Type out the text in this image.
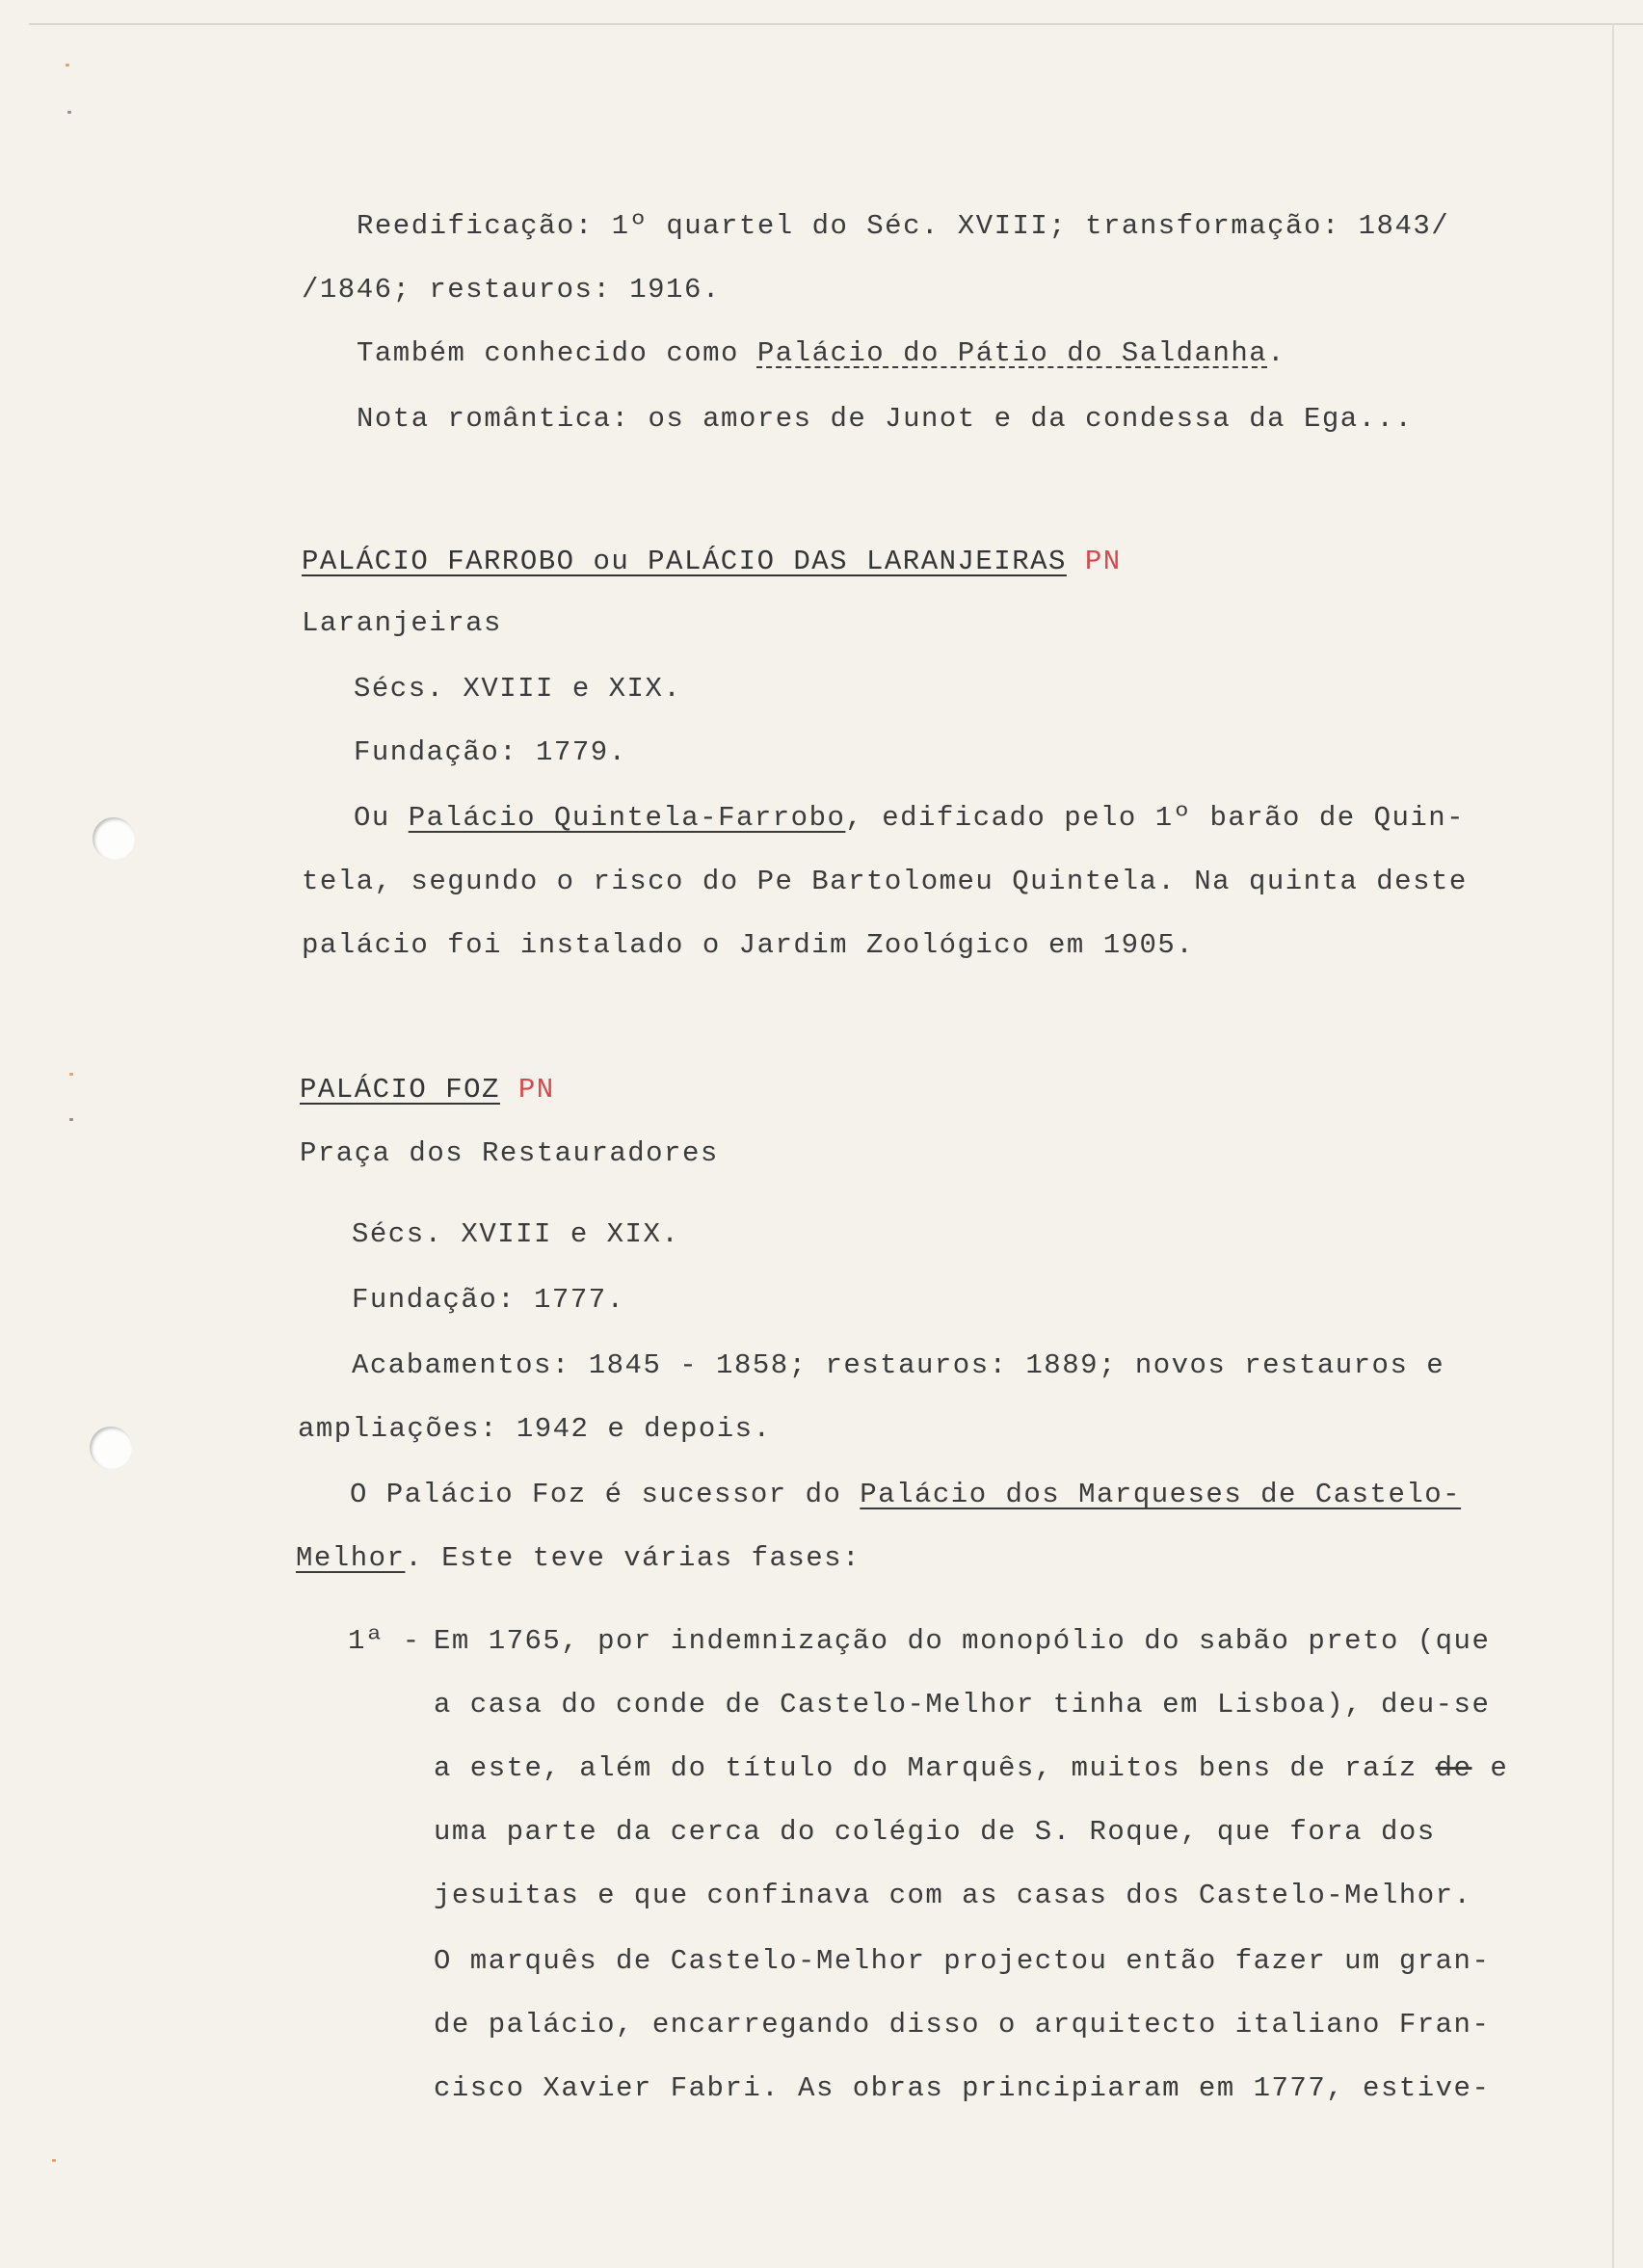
Reedificação: 1º quartel do Séc. XVIII; transformação: 1843/
/1846; restauros: 1916.
Também conhecido como Palácio do Pátio do Saldanha.
Nota romântica: os amores de Junot e da condessa da Ega...
PALÁCIO FARROBO ou PALÁCIO DAS LARANJEIRAS PN
Laranjeiras
Sécs. XVIII e XIX.
Fundação: 1779.
Ou Palácio Quintela-Farrobo, edificado pelo 1º barão de Quin-
tela, segundo o risco do Pe Bartolomeu Quintela. Na quinta deste
palácio foi instalado o Jardim Zoológico em 1905.
PALÁCIO FOZ PN
Praça dos Restauradores
Sécs. XVIII e XIX.
Fundação: 1777.
Acabamentos: 1845 - 1858; restauros: 1889; novos restauros e
ampliações: 1942 e depois.
O Palácio Foz é sucessor do Palácio dos Marqueses de Castelo-
Melhor. Este teve várias fases:
1ª - Em 1765, por indemnização do monopólio do sabão preto (que
a casa do conde de Castelo-Melhor tinha em Lisboa), deu-se
a este, além do título do Marquês, muitos bens de raíz de e
uma parte da cerca do colégio de S. Roque, que fora dos
jesuitas e que confinava com as casas dos Castelo-Melhor.
O marquês de Castelo-Melhor projectou então fazer um gran-
de palácio, encarregando disso o arquitecto italiano Fran-
cisco Xavier Fabri. As obras principiaram em 1777, estive-
